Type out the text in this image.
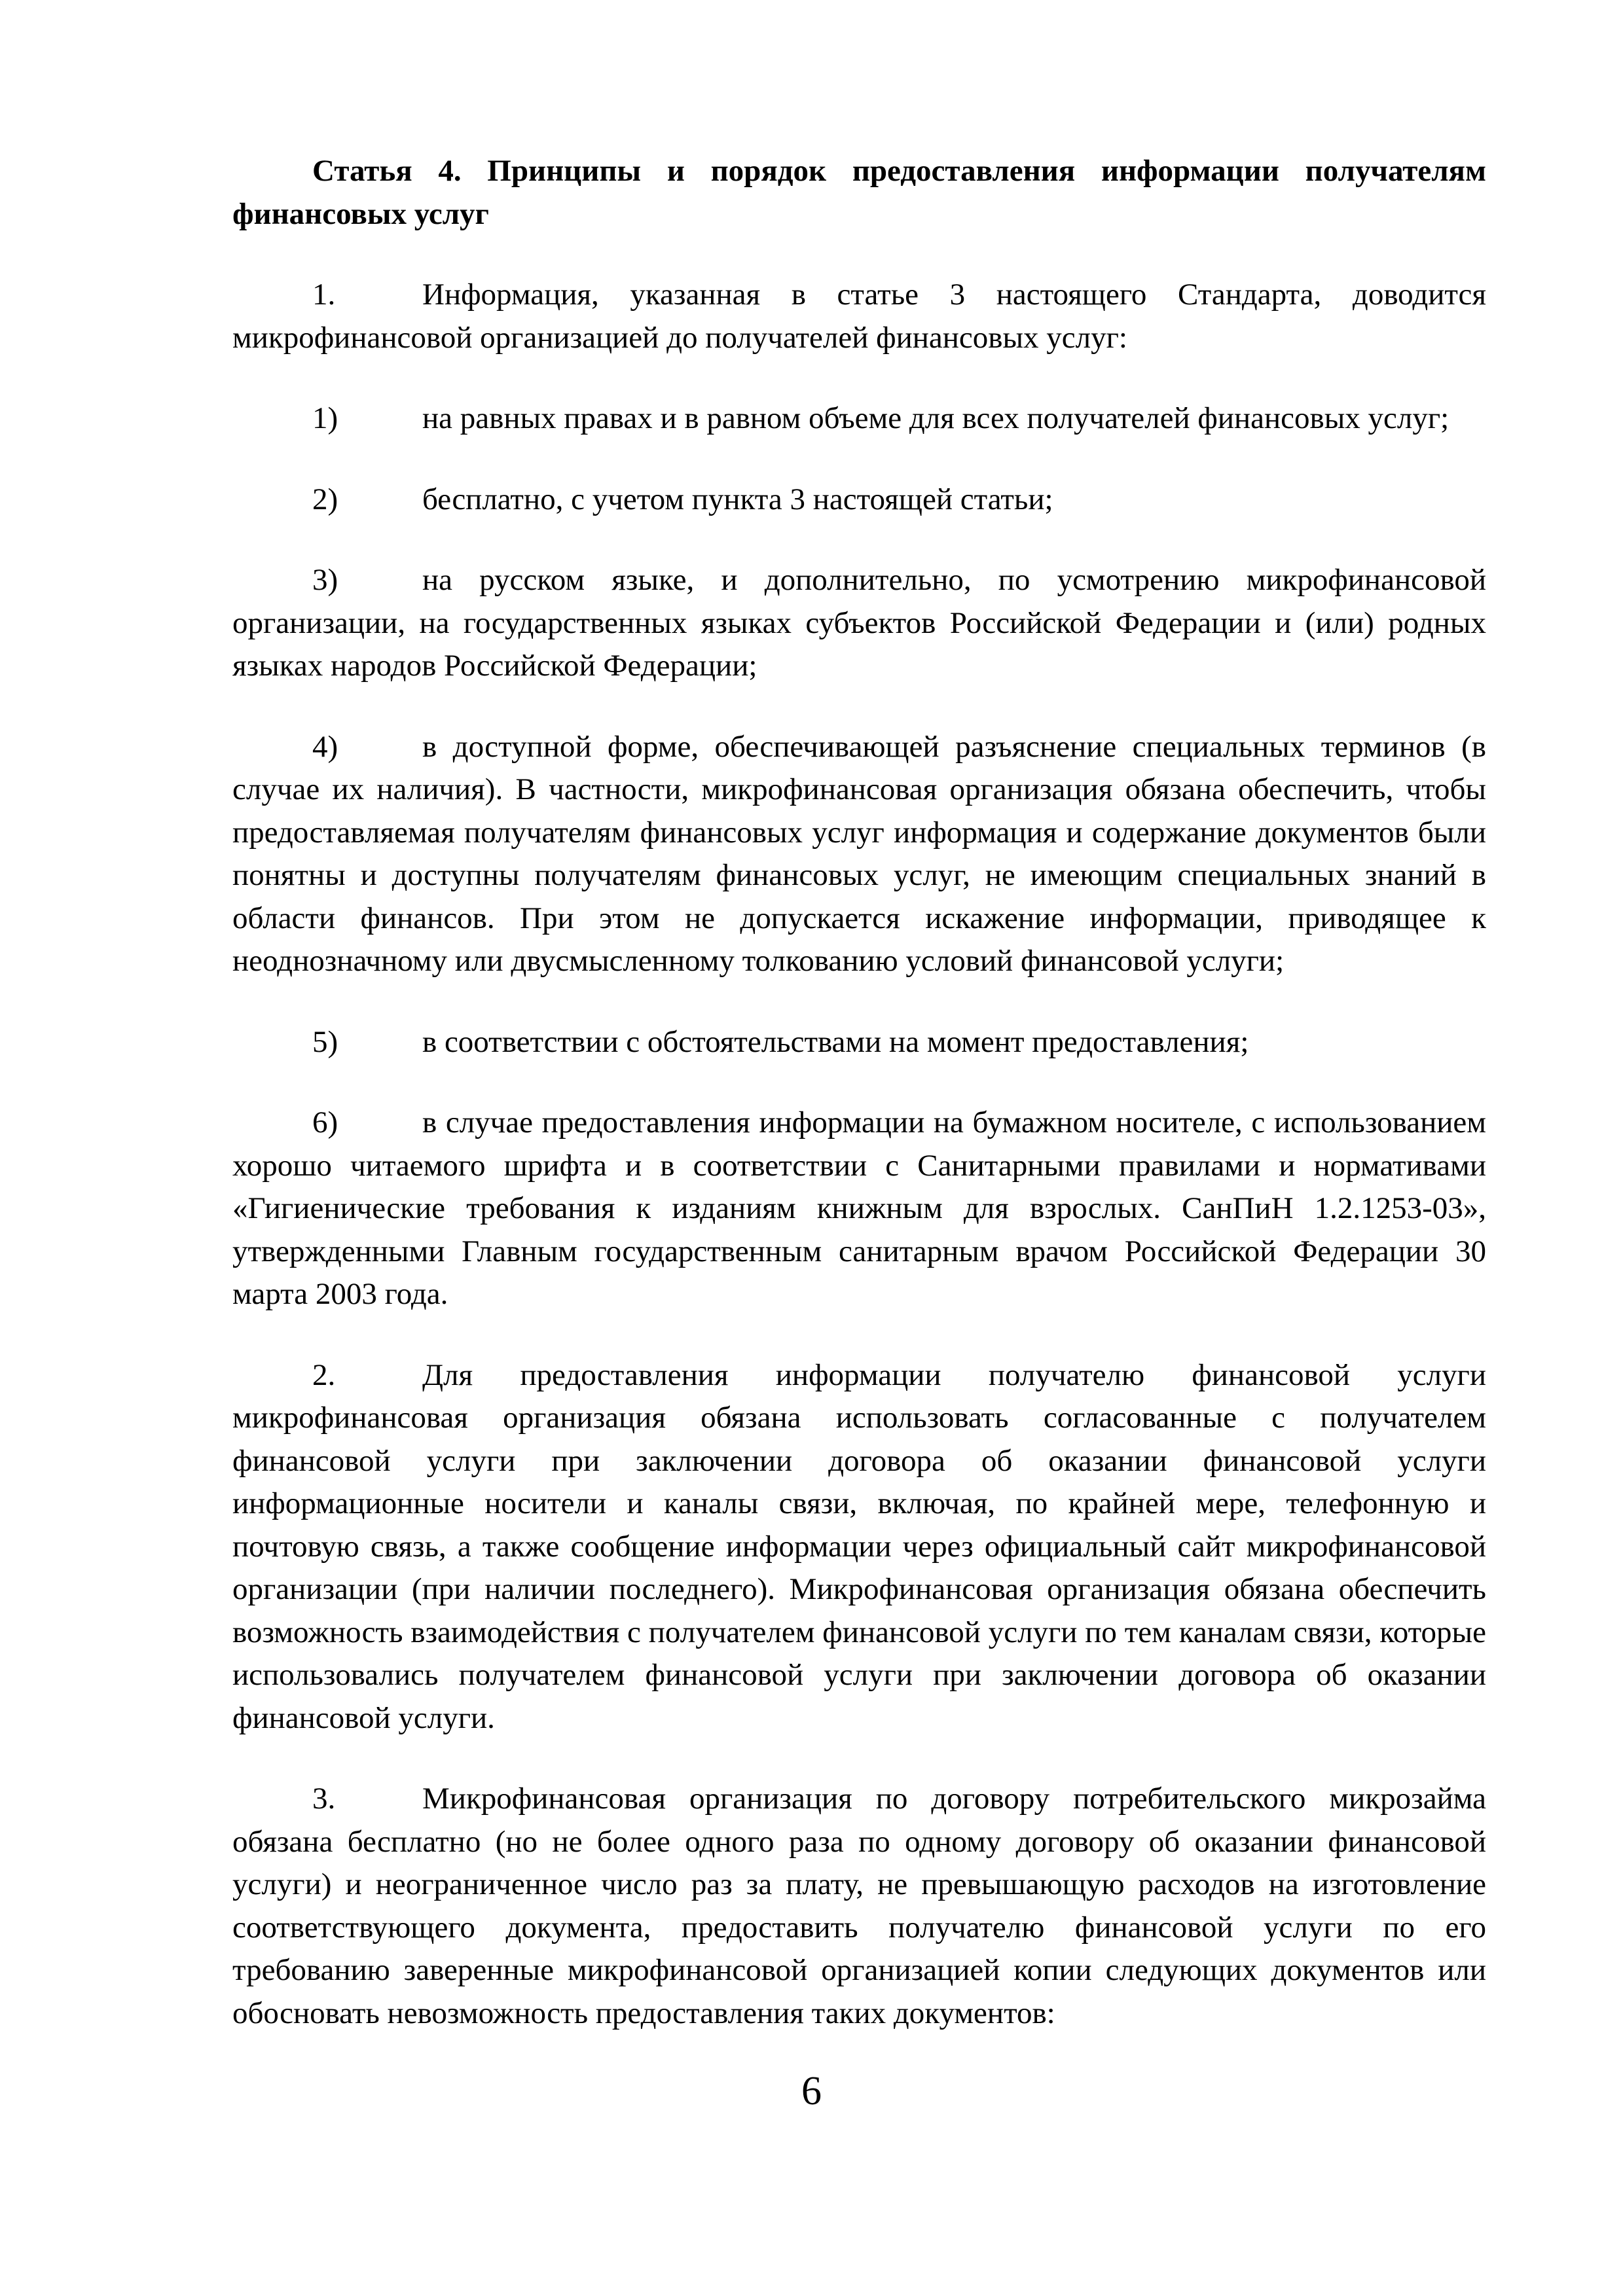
Статья 4. Принципы и порядок предоставления информации получателям финансовых услуг

1.	Информация, указанная в статье 3 настоящего Стандарта, доводится микрофинансовой организацией до получателей финансовых услуг:

1)	на равных правах и в равном объеме для всех получателей финансовых услуг;

2)	бесплатно, с учетом пункта 3 настоящей статьи;

3)	на русском языке, и дополнительно, по усмотрению микрофинансовой организации, на государственных языках субъектов Российской Федерации и (или) родных языках народов Российской Федерации;

4)	в доступной форме, обеспечивающей разъяснение специальных терминов (в случае их наличия). В частности, микрофинансовая организация обязана обеспечить, чтобы предоставляемая получателям финансовых услуг информация и содержание документов были понятны и доступны получателям финансовых услуг, не имеющим специальных знаний в области финансов. При этом не допускается искажение информации, приводящее к неоднозначному или двусмысленному толкованию условий финансовой услуги;

5)	в соответствии с обстоятельствами на момент предоставления;

6)	в случае предоставления информации на бумажном носителе, с использованием хорошо читаемого шрифта и в соответствии с Санитарными правилами и нормативами «Гигиенические требования к изданиям книжным для взрослых. СанПиН 1.2.1253-03», утвержденными Главным государственным санитарным врачом Российской Федерации 30 марта 2003 года.

2.	Для предоставления информации получателю финансовой услуги микрофинансовая организация обязана использовать согласованные с получателем финансовой услуги при заключении договора об оказании финансовой услуги информационные носители и каналы связи, включая, по крайней мере, телефонную и почтовую связь, а также сообщение информации через официальный сайт микрофинансовой организации (при наличии последнего). Микрофинансовая организация обязана обеспечить возможность взаимодействия с получателем финансовой услуги по тем каналам связи, которые использовались получателем финансовой услуги при заключении договора об оказании финансовой услуги.

3.	Микрофинансовая организация по договору потребительского микрозайма обязана бесплатно (но не более одного раза по одному договору об оказании финансовой услуги) и неограниченное число раз за плату, не превышающую расходов на изготовление соответствующего документа, предоставить получателю финансовой услуги по его требованию заверенные микрофинансовой организацией копии следующих документов или обосновать невозможность предоставления таких документов:

6
